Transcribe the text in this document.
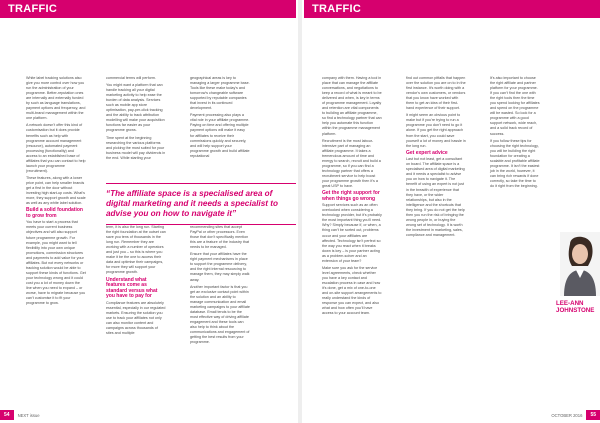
TRAFFIC	TRAFFIC

White label tracking solutions also give you more control over how you run the administration of your programme. Better-reputation ones are internally and externally funded by such as language translations, payment options and frequency, and multi-brand management within the one platform.

A network doesn’t offer this kind of customisation but it does provide benefits such as help with programme account management (resource), automated payment processing (functionality) and access to an established base of affiliates that you can contact to help launch your programme (recruitment).

These features, along with a lower price point, can help smaller brands get a first in the door without investing high start-up costs. What’s more, they support growth and scale as well as any white label solution.

Build a solid foundation to grow from

You have to start a process that meets your current business objectives and will also support future programme growth. For example, you might want to tell flexibility into your own unique promotions, commission structures and payments to add value for your affiliates. But not every networks or tracking solution would be able to support these kinds of functions. Get your technology wrong and it could cost you a lot of money down the line when you need to expand – or worse, have to migrate because you can’t customise it to fit your programme to grow.

commercial terms will perform.

You might want a platform that can handle tracking all your digital marketing activity to help ease the burden of data analysis. Services such as mobile app store optimisation, pay-per-click tracking and the ability to track attribution modelling will make your acquisition functions far easier as your programme grows.

Time spent at the beginning researching the various platforms and picking the most suited for your business model will pay dividends in the end. While starting your

term, it is also the long run. Starting the right foundation at the outset can save you tens of thousands in the long run. Remember they are working with a number of operators and just you – so this is where you make it be the one to access their data and optimise their campaigns, for more they will support your programme growth.

Understand what features come as standard versus what you have to pay for

Compliance features are absolutely essential, especially in our regulated markets. Ensuring the solution you use to track your affiliates not only can also monitor content and campaigns across thousands of sites and multiple

geographical areas is key to managing a larger programme base. Tools like these make today’s and tomorrow’s changeable software supported by reputable companies that invest in its continued development.

Payment processing also plays a vital role in your affiliate programme. Paying on time and offering multiple payment options will make it easy for affiliates to receive their commissions quickly and securely, and will help support your programme growth and build affiliate reputational

recommending sites that accept PayPal or other processors. Even those that don’t specifically mention this are a feature of the industry that needs to be managed.

Ensure that your affiliates have the right payment mechanisms in place to support the programme delivery, and the right internal resourcing to manage them, they may simply walk away.

Another important factor is that you get an exclusive contact point within the solution and an ability to manage communication and email marketing campaigns to your affiliate database. Email tends to be the most effective way of driving affiliate engagement and these tools can also help to think about the communications and engagement of getting the best results from your programme.

“The affiliate space is a specialised area of digital marketing and it needs a specialist to advise you on how to navigate it”

company with them. Having a tool in place that can manage the affiliate conversations, and negotiations to keep a record of what is meant to be delivered and when, is key in terms of programme management. Loyalty and retention are vital components to building an affiliate programme, so find a technology partner that can help you automate this function within the programme management platform.

Recruitment is the most labour-intensive part of managing an affiliate programme. It takes a tremendous amount of time and energy to search, recruit and build a programme, so if you can find a technology partner that offers a recruitment service to help boost your programme growth then it’s a great USP to have.

Get the right support for when things go wrong

Support services such as an often overlooked when considering a technology provider, but it’s probably the most important thing you’ll need. Why? Simply because if, or when, a thing can’t be sorted out, problems occur and your affiliates are affected. Technology isn’t perfect so the way you react when it breaks down is key – is your partner acting as a problem-solver and an extension of your team?

Make sure you ask for the service level agreements, check whether you have a key contact and escalation process in case and how it’s done, get a mix of one-to-one and on-site support arrangements to really understand the kinds of response you can expect, and also what and how often you’ll have access to your account team.

find out common pitfalls that happen over the solution you are on to in the first instance. It’s worth doing with a vendor’s own customers, or vendors that you know have worked with them to get an idea of their first-hand experience of their support.

It might seem an obvious point to make but if you’re trying to run a programme you don’t need to go it alone. If you get the right approach from the start, you could save yourself a lot of money and hassle in the long run.

Get expert advice

Last but not least, get a consultant on board. The affiliate space is a specialised area of digital marketing and it needs a specialist to advise you on how to navigate it. The benefit of using an expert is not just in the breadth of experience that they have, or the wider relationships, but also in the intelligence and the shortcuts that they bring. If you do not get the help then you run the risk of bringing the wrong people in, or buying the wrong set of technology. It is worth the investment in marketing, sales, compliance and management.

It’s also important to choose the right affiliate and partner platform for your programme. If you can’t find the one with the right tools then the time you spend looking for affiliates and spend on the programme will be wasted. So look for a programme with a good support network, wide reach, and a solid track record of success.

If you follow these tips for choosing the right technology, you will be building the right foundation for creating a scalable and profitable affiliate programme. It isn’t the easiest job in the world, however, it can bring rich rewards if done correctly, so take the time to do it right from the beginning.

LEE-ANN JOHNSTONE
54	NEXT issue	OCTOBER 2016	55
